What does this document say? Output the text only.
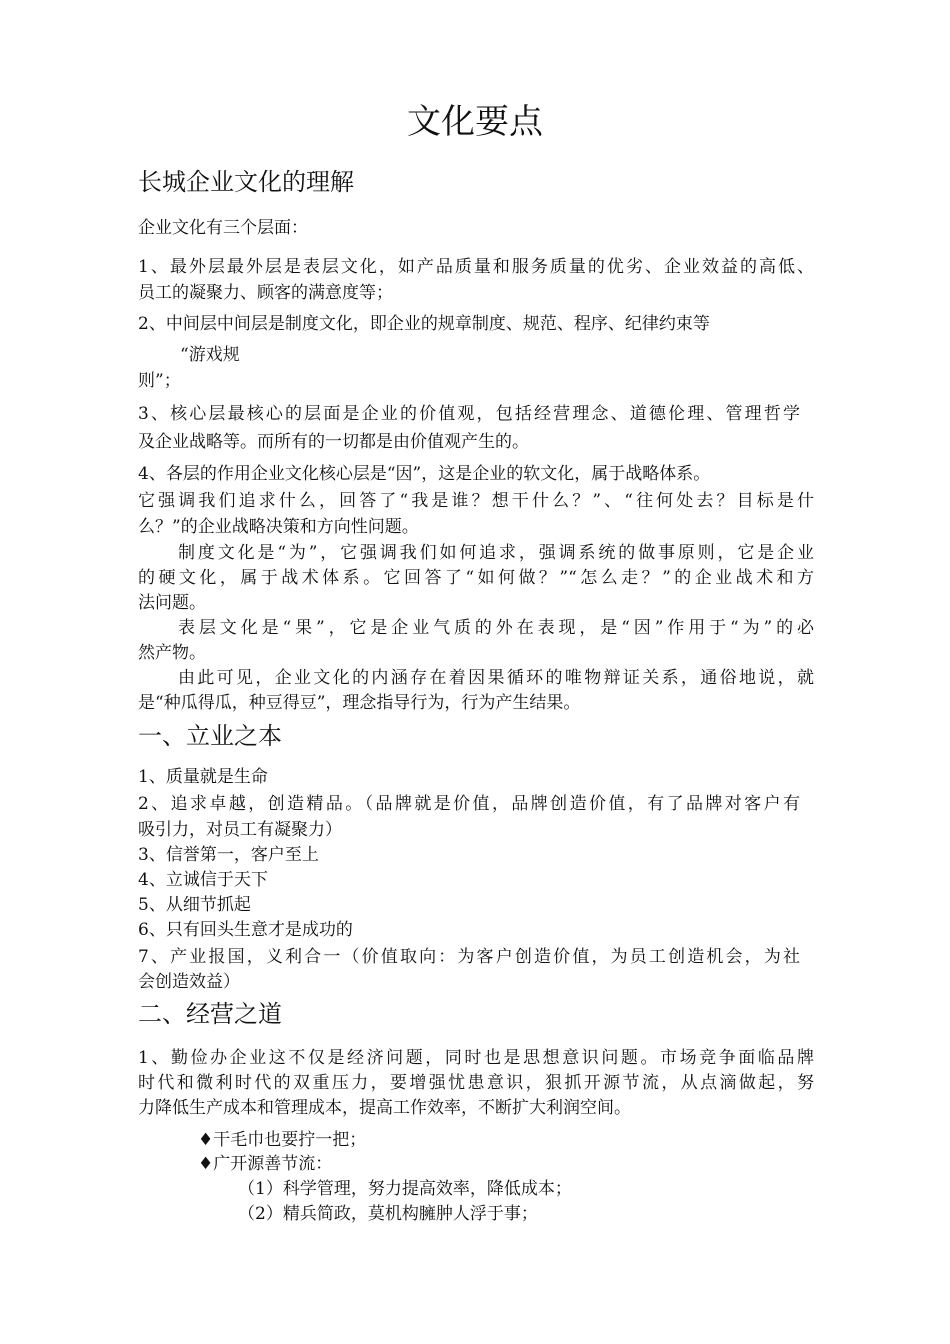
文化要点
长城企业文化的理解
企业文化有三个层面：
1、最外层最外层是表层文化，如产品质量和服务质量的优劣、企业效益的高低、
员工的凝聚力、顾客的满意度等；
2、中间层中间层是制度文化，即企业的规章制度、规范、程序、纪律约束等
“游戏规
则”；
3、核心层最核心的层面是企业的价值观，包括经营理念、道德伦理、管理哲学
及企业战略等。而所有的一切都是由价值观产生的。
4、各层的作用企业文化核心层是“因”，这是企业的软文化，属于战略体系。
它强调我们追求什么，回答了“我是谁？想干什么？”、“往何处去？目标是什
么？”的企业战略决策和方向性问题。
制度文化是“为”，它强调我们如何追求，强调系统的做事原则，它是企业
的硬文化，属于战术体系。它回答了“如何做？”“怎么走？”的企业战术和方
法问题。
表层文化是“果”，它是企业气质的外在表现，是“因”作用于“为”的必
然产物。
由此可见，企业文化的内涵存在着因果循环的唯物辩证关系，通俗地说，就
是“种瓜得瓜，种豆得豆”，理念指导行为，行为产生结果。
一、立业之本
1、质量就是生命
2、追求卓越，创造精品。（品牌就是价值，品牌创造价值，有了品牌对客户有
吸引力，对员工有凝聚力）
3、信誉第一，客户至上
4、立诚信于天下
5、从细节抓起
6、只有回头生意才是成功的
7、产业报国，义利合一（价值取向：为客户创造价值，为员工创造机会，为社
会创造效益）
二、经营之道
1、勤俭办企业这不仅是经济问题，同时也是思想意识问题。市场竞争面临品牌
时代和微利时代的双重压力，要增强忧患意识，狠抓开源节流，从点滴做起，努
力降低生产成本和管理成本，提高工作效率，不断扩大利润空间。
♦干毛巾也要拧一把；
♦广开源善节流：
（1）科学管理，努力提高效率，降低成本；
（2）精兵简政，莫机构臃肿人浮于事；
